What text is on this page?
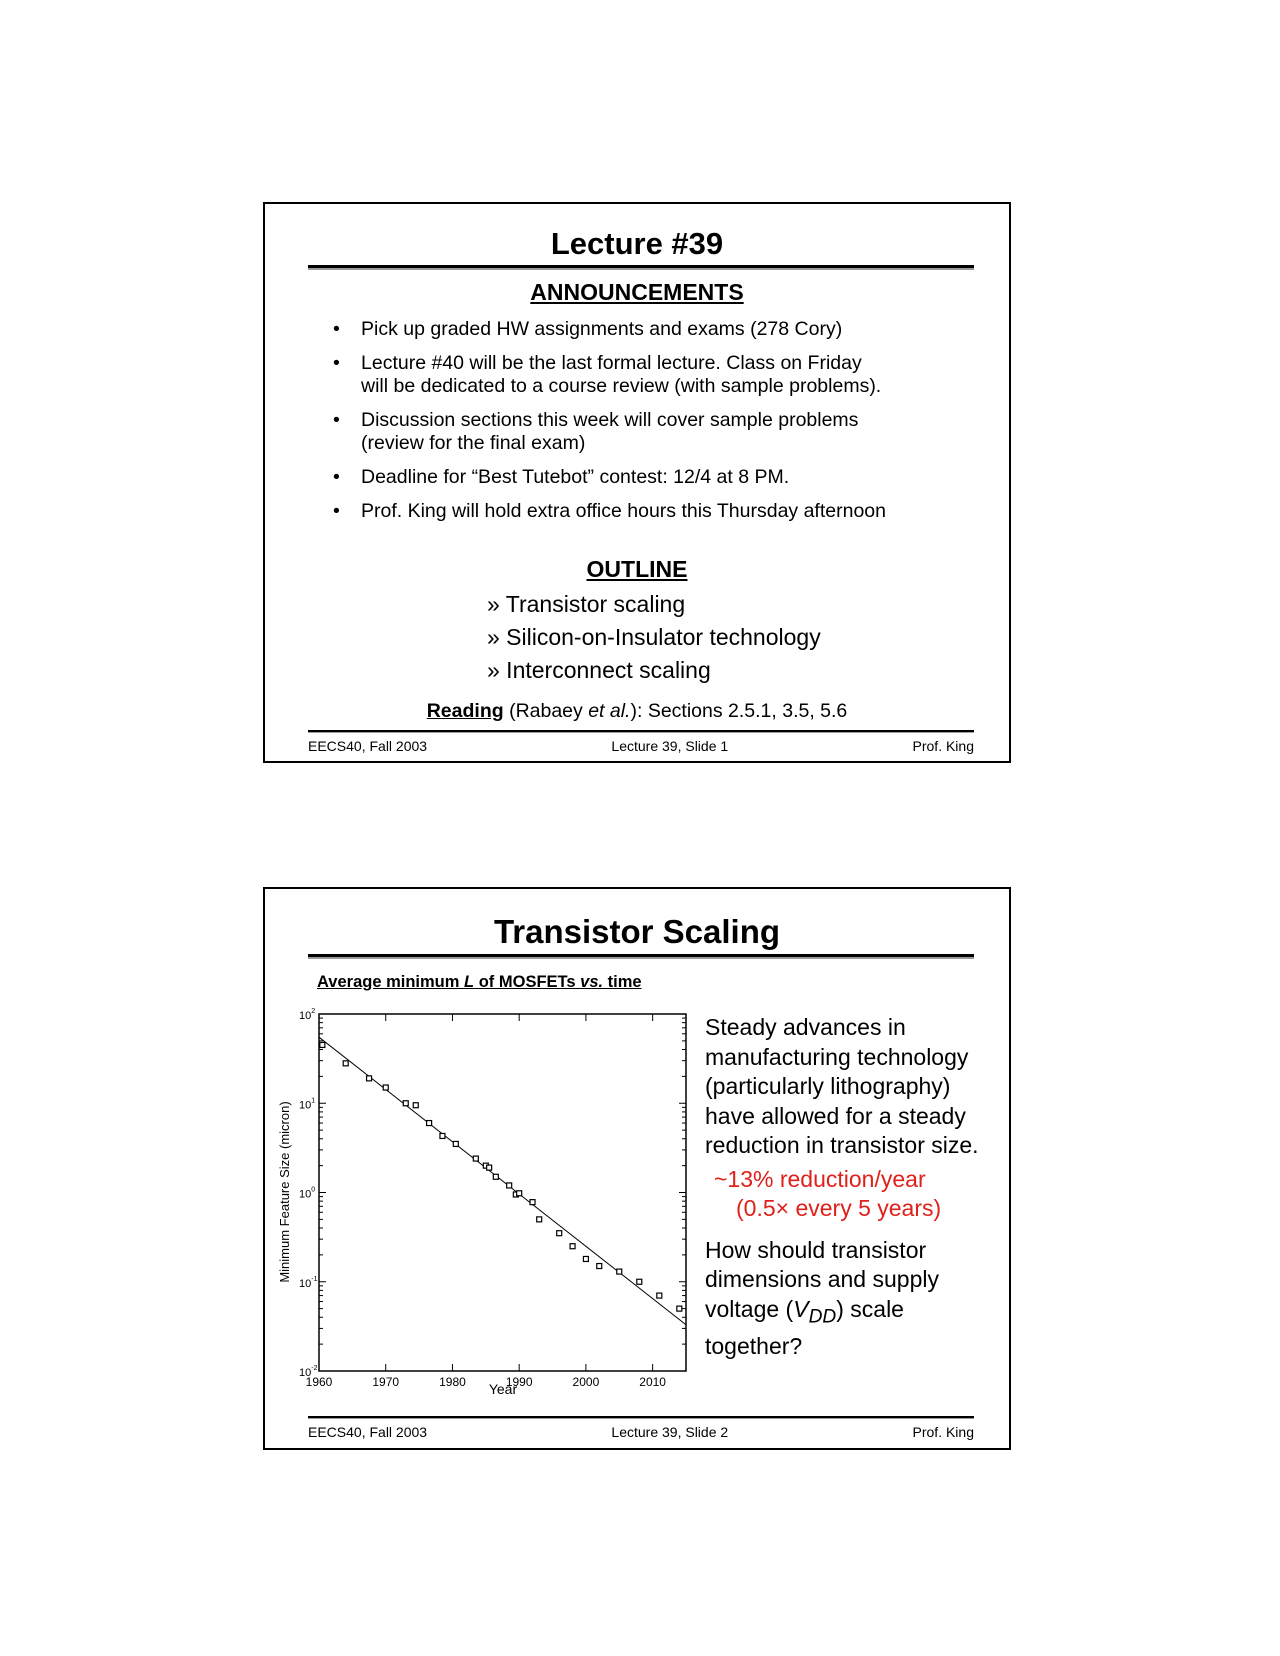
Lecture #39
ANNOUNCEMENTS
• Pick up graded HW assignments and exams (278 Cory)
• Lecture #40 will be the last formal lecture. Class on Friday
will be dedicated to a course review (with sample problems).
• Discussion sections this week will cover sample problems
(review for the final exam)
• Deadline for “Best Tutebot” contest: 12/4 at 8 PM.
• Prof. King will hold extra office hours this Thursday afternoon
OUTLINE
» Transistor scaling
» Silicon-on-Insulator technology
» Interconnect scaling
Reading (Rabaey et al.): Sections 2.5.1, 3.5, 5.6
EECS40, Fall 2003	Lecture 39, Slide 1	Prof. King
Transistor Scaling
Average minimum L of MOSFETs vs. time
$10^2$
$10^1$
$10^0$
$10^{-1}$
$10^{-2}$
1960	1970	1980	1990	2000	2010
Year
Minimum Feature Size (micron)
Steady advances in
manufacturing technology
(particularly lithography)
have allowed for a steady
reduction in transistor size.
~13% reduction/year
(0.5× every 5 years)
How should transistor
dimensions and supply
voltage $(V_{DD})$ scale
together?
EECS40, Fall 2003	Lecture 39, Slide 2	Prof. King
